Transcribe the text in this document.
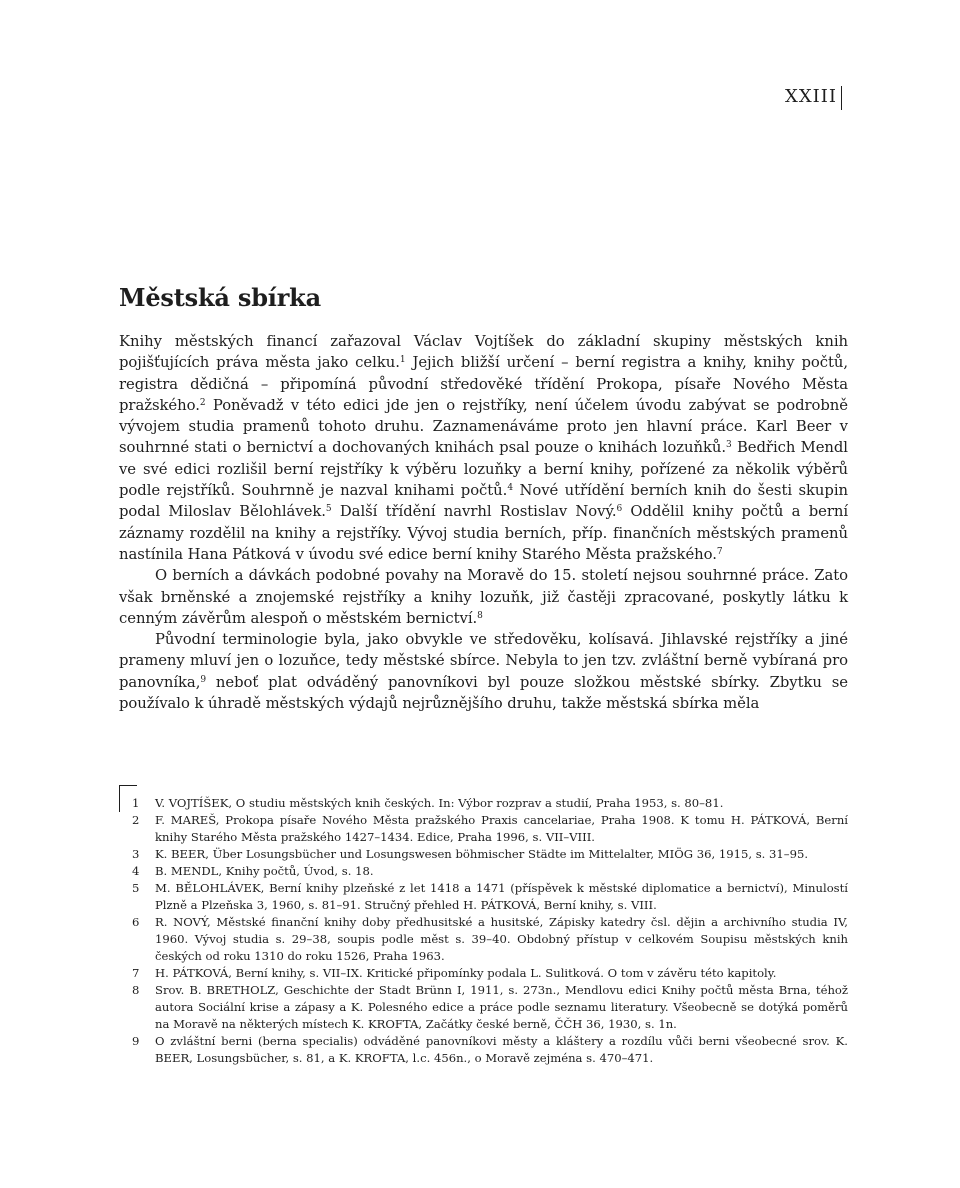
XXIII
Městská sbírka

Knihy městských financí zařazoval Václav Vojtíšek do základní skupiny městských knih pojišťujících práva města jako celku.$^1$ Jejich bližší určení – berní registra a knihy, knihy počtů, registra dědičná – připomíná původní středověké třídění Prokopa, písaře Nového Města pražského.$^2$ Poněvadž v této edici jde jen o rejstříky, není účelem úvodu zabývat se podrobně vývojem studia pramenů tohoto druhu. Zaznamenáváme proto jen hlavní práce. Karl Beer v souhrnné stati o bernictví a dochovaných knihách psal pouze o knihách lozuňků.$^3$ Bedřich Mendl ve své edici rozlišil berní rejstříky k výběru lozuňky a berní knihy, pořízené za několik výběrů podle rejstříků. Souhrnně je nazval knihami počtů.$^4$ Nové utřídění berních knih do šesti skupin podal Miloslav Bělohlávek.$^5$ Další třídění navrhl Rostislav Nový.$^6$ Oddělil knihy počtů a berní záznamy rozdělil na knihy a rejstříky. Vývoj studia berních, příp. finančních městských pramenů nastínila Hana Pátková v úvodu své edice berní knihy Starého Města pražského.$^7$

O berních a dávkách podobné povahy na Moravě do 15. století nejsou souhrnné práce. Zato však brněnské a znojemské rejstříky a knihy lozuňk, již častěji zpracované, poskytly látku k cenným závěrům alespoň o městském bernictví.$^8$

Původní terminologie byla, jako obvykle ve středověku, kolísavá. Jihlavské rejstříky a jiné prameny mluví jen o lozuňce, tedy městské sbírce. Nebyla to jen tzv. zvláštní berně vybíraná pro panovníka,$^9$ neboť plat odváděný panovníkovi byl pouze složkou městské sbírky. Zbytku se používalo k úhradě městských výdajů nejrůznějšího druhu, takže městská sbírka měla

1	V. VOJTÍŠEK, O studiu městských knih českých. In: Výbor rozprav a studií, Praha 1953, s. 80–81.
2	F. MAREŠ, Prokopa písaře Nového Města pražského Praxis cancelariae, Praha 1908. K tomu H. PÁTKOVÁ, Berní knihy Starého Města pražského 1427–1434. Edice, Praha 1996, s. VII–VIII.
3	K. BEER, Über Losungsbücher und Losungswesen böhmischer Städte im Mittelalter, MIÖG 36, 1915, s. 31–95.
4	B. MENDL, Knihy počtů, Úvod, s. 18.
5	M. BĚLOHLÁVEK, Berní knihy plzeňské z let 1418 a 1471 (příspěvek k městské diplomatice a bernictví), Minulostí Plzně a Plzeňska 3, 1960, s. 81–91. Stručný přehled H. PÁTKOVÁ, Berní knihy, s. VIII.
6	R. NOVÝ, Městské finanční knihy doby předhusitské a husitské, Zápisky katedry čsl. dějin a archivního studia IV, 1960. Vývoj studia s. 29–38, soupis podle měst s. 39–40. Obdobný přístup v celkovém Soupisu městských knih českých od roku 1310 do roku 1526, Praha 1963.
7	H. PÁTKOVÁ, Berní knihy, s. VII–IX. Kritické připomínky podala L. Sulitková. O tom v závěru této kapitoly.
8	Srov. B. BRETHOLZ, Geschichte der Stadt Brünn I, 1911, s. 273n., Mendlovu edici Knihy počtů města Brna, téhož autora Sociální krise a zápasy a K. Polesného edice a práce podle seznamu literatury. Všeobecně se dotýká poměrů na Moravě na některých místech K. KROFTA, Začátky české berně, ČČH 36, 1930, s. 1n.
9	O zvláštní berni (berna specialis) odváděné panovníkovi městy a kláštery a rozdílu vůči berni všeobecné srov. K. BEER, Losungsbücher, s. 81, a K. KROFTA, l.c. 456n., o Moravě zejména s. 470–471.
